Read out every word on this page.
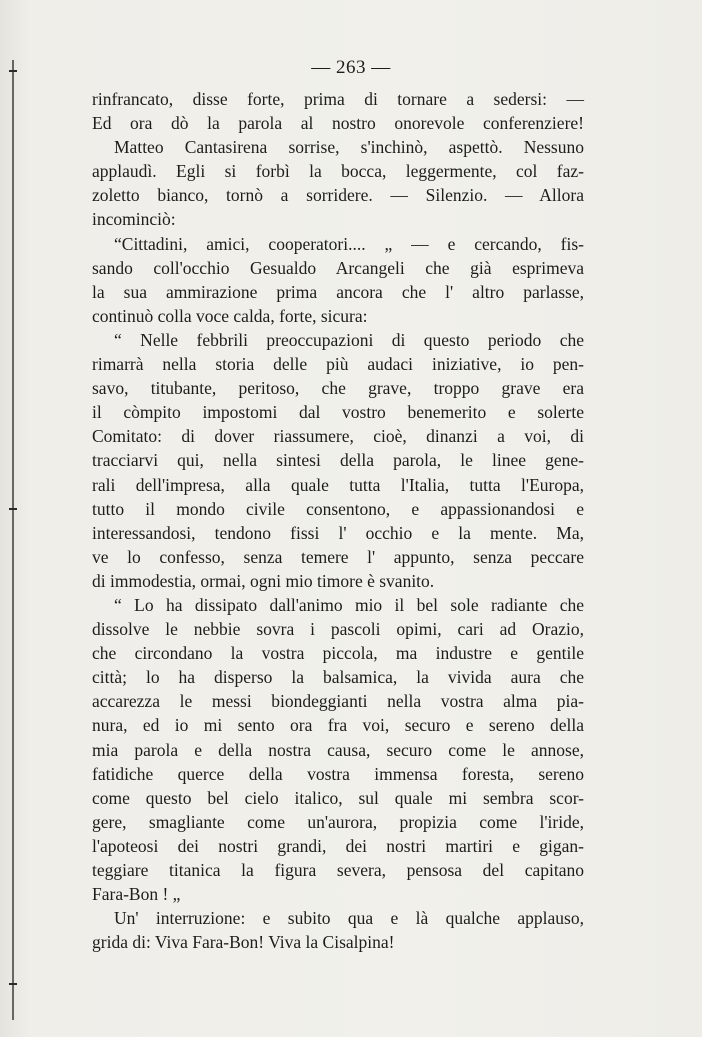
— 263 —
rinfrancato, disse forte, prima di tornare a sedersi: —
Ed ora dò la parola al nostro onorevole conferenziere!
Matteo Cantasirena sorrise, s'inchinò, aspettò. Nessuno
applaudì. Egli si forbì la bocca, leggermente, col faz-
zoletto bianco, tornò a sorridere. — Silenzio. — Allora
incominciò:
“Cittadini, amici, cooperatori.... „ — e cercando, fis-
sando coll'occhio Gesualdo Arcangeli che già esprimeva
la sua ammirazione prima ancora che l' altro parlasse,
continuò colla voce calda, forte, sicura:
“ Nelle febbrili preoccupazioni di questo periodo che
rimarrà nella storia delle più audaci iniziative, io pen-
savo, titubante, peritoso, che grave, troppo grave era
il còmpito impostomi dal vostro benemerito e solerte
Comitato: di dover riassumere, cioè, dinanzi a voi, di
tracciarvi qui, nella sintesi della parola, le linee gene-
rali dell'impresa, alla quale tutta l'Italia, tutta l'Europa,
tutto il mondo civile consentono, e appassionandosi e
interessandosi, tendono fissi l' occhio e la mente. Ma,
ve lo confesso, senza temere l' appunto, senza peccare
di immodestia, ormai, ogni mio timore è svanito.
“ Lo ha dissipato dall'animo mio il bel sole radiante che
dissolve le nebbie sovra i pascoli opimi, cari ad Orazio,
che circondano la vostra piccola, ma industre e gentile
città; lo ha disperso la balsamica, la vivida aura che
accarezza le messi biondeggianti nella vostra alma pia-
nura, ed io mi sento ora fra voi, securo e sereno della
mia parola e della nostra causa, securo come le annose,
fatidiche querce della vostra immensa foresta, sereno
come questo bel cielo italico, sul quale mi sembra scor-
gere, smagliante come un'aurora, propizia come l'iride,
l'apoteosi dei nostri grandi, dei nostri martiri e gigan-
teggiare titanica la figura severa, pensosa del capitano
Fara-Bon ! „
Un' interruzione: e subito qua e là qualche applauso,
grida di: Viva Fara-Bon! Viva la Cisalpina!
